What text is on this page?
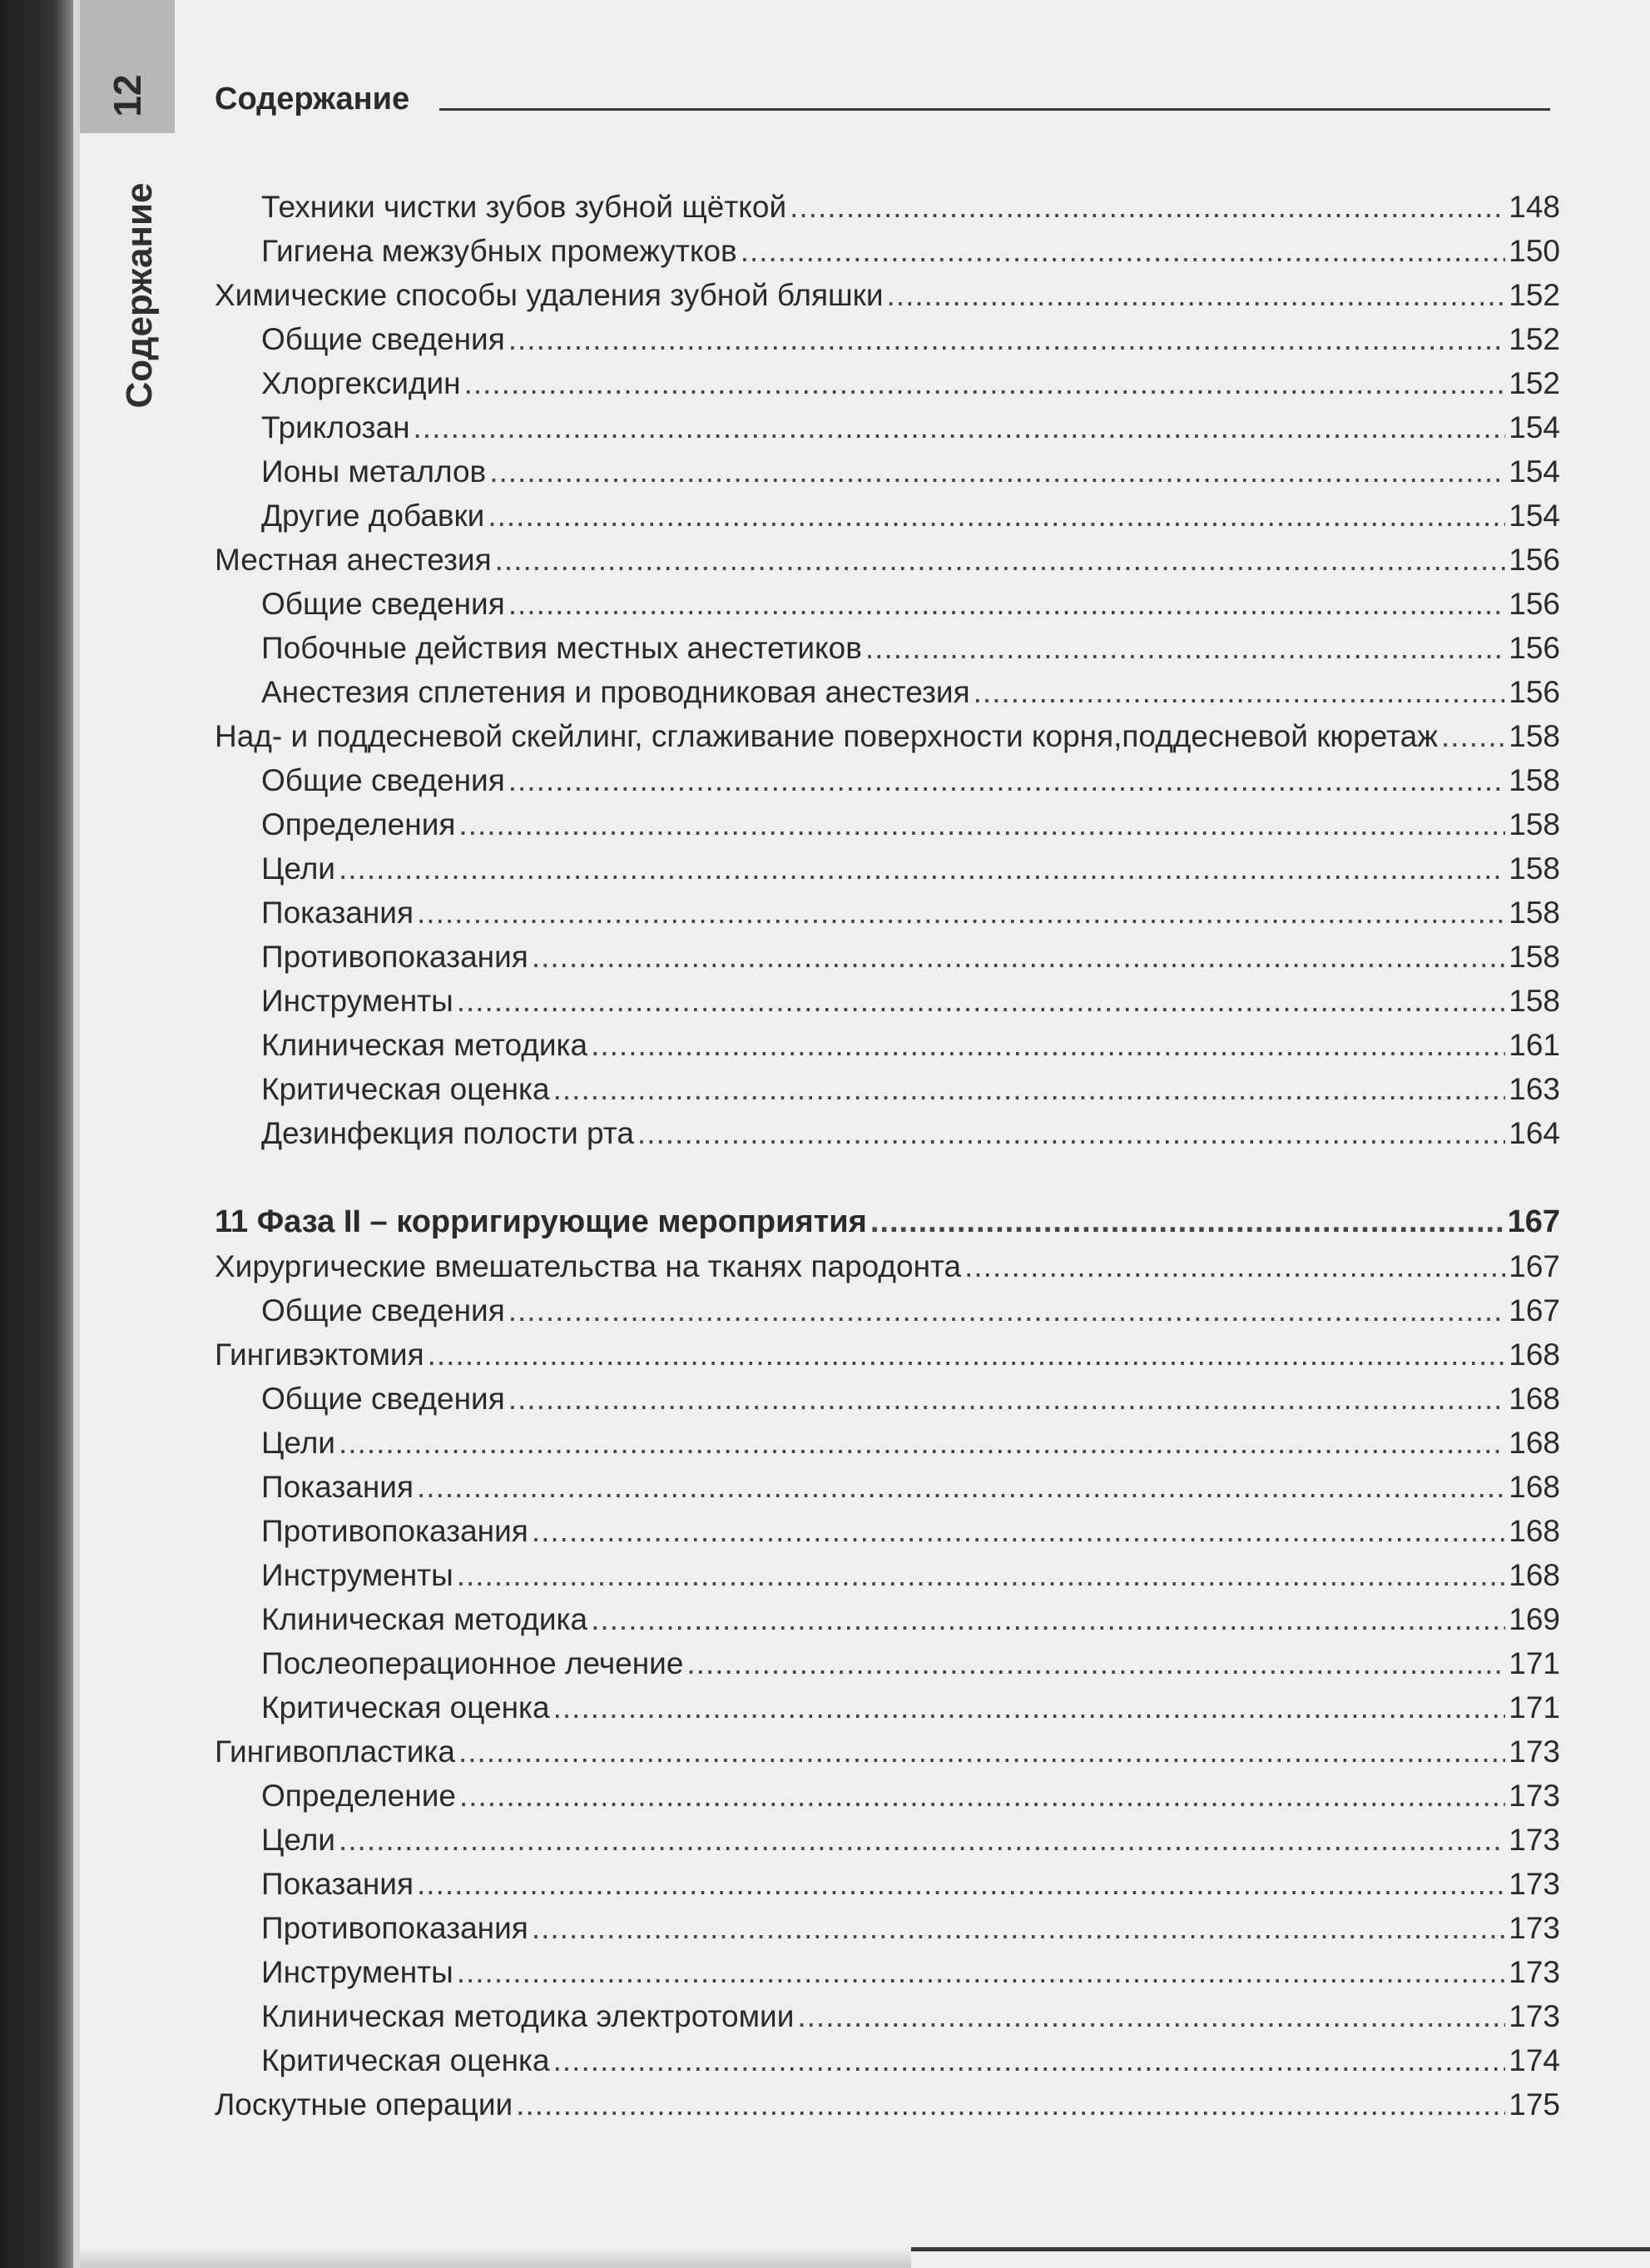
12
Содержание
Содержание
Техники чистки зубов зубной щёткой .....	148
Гигиена межзубных промежутков .....	150
Химические способы удаления зубной бляшки .....	152
Общие сведения .....	152
Хлоргексидин .....	152
Триклозан .....	154
Ионы металлов .....	154
Другие добавки .....	154
Местная анестезия .....	156
Общие сведения .....	156
Побочные действия местных анестетиков .....	156
Анестезия сплетения и проводниковая анестезия .....	156
Над- и поддесневой скейлинг, сглаживание поверхности корня,поддесневой кюретаж ..... 158
Общие сведения .....	158
Определения .....	158
Цели .....	158
Показания .....	158
Противопоказания .....	158
Инструменты .....	158
Клиническая методика .....	161
Критическая оценка .....	163
Дезинфекция полости рта .....	164
11 Фаза II – корригирующие мероприятия .....	167
Хирургические вмешательства на тканях пародонта .....	167
Общие сведения .....	167
Гингивэктомия .....	168
Общие сведения .....	168
Цели .....	168
Показания .....	168
Противопоказания .....	168
Инструменты .....	168
Клиническая методика .....	169
Послеоперационное лечение .....	171
Критическая оценка .....	171
Гингивопластика .....	173
Определение .....	173
Цели .....	173
Показания .....	173
Противопоказания .....	173
Инструменты .....	173
Клиническая методика электротомии .....	173
Критическая оценка .....	174
Лоскутные операции .....	175
